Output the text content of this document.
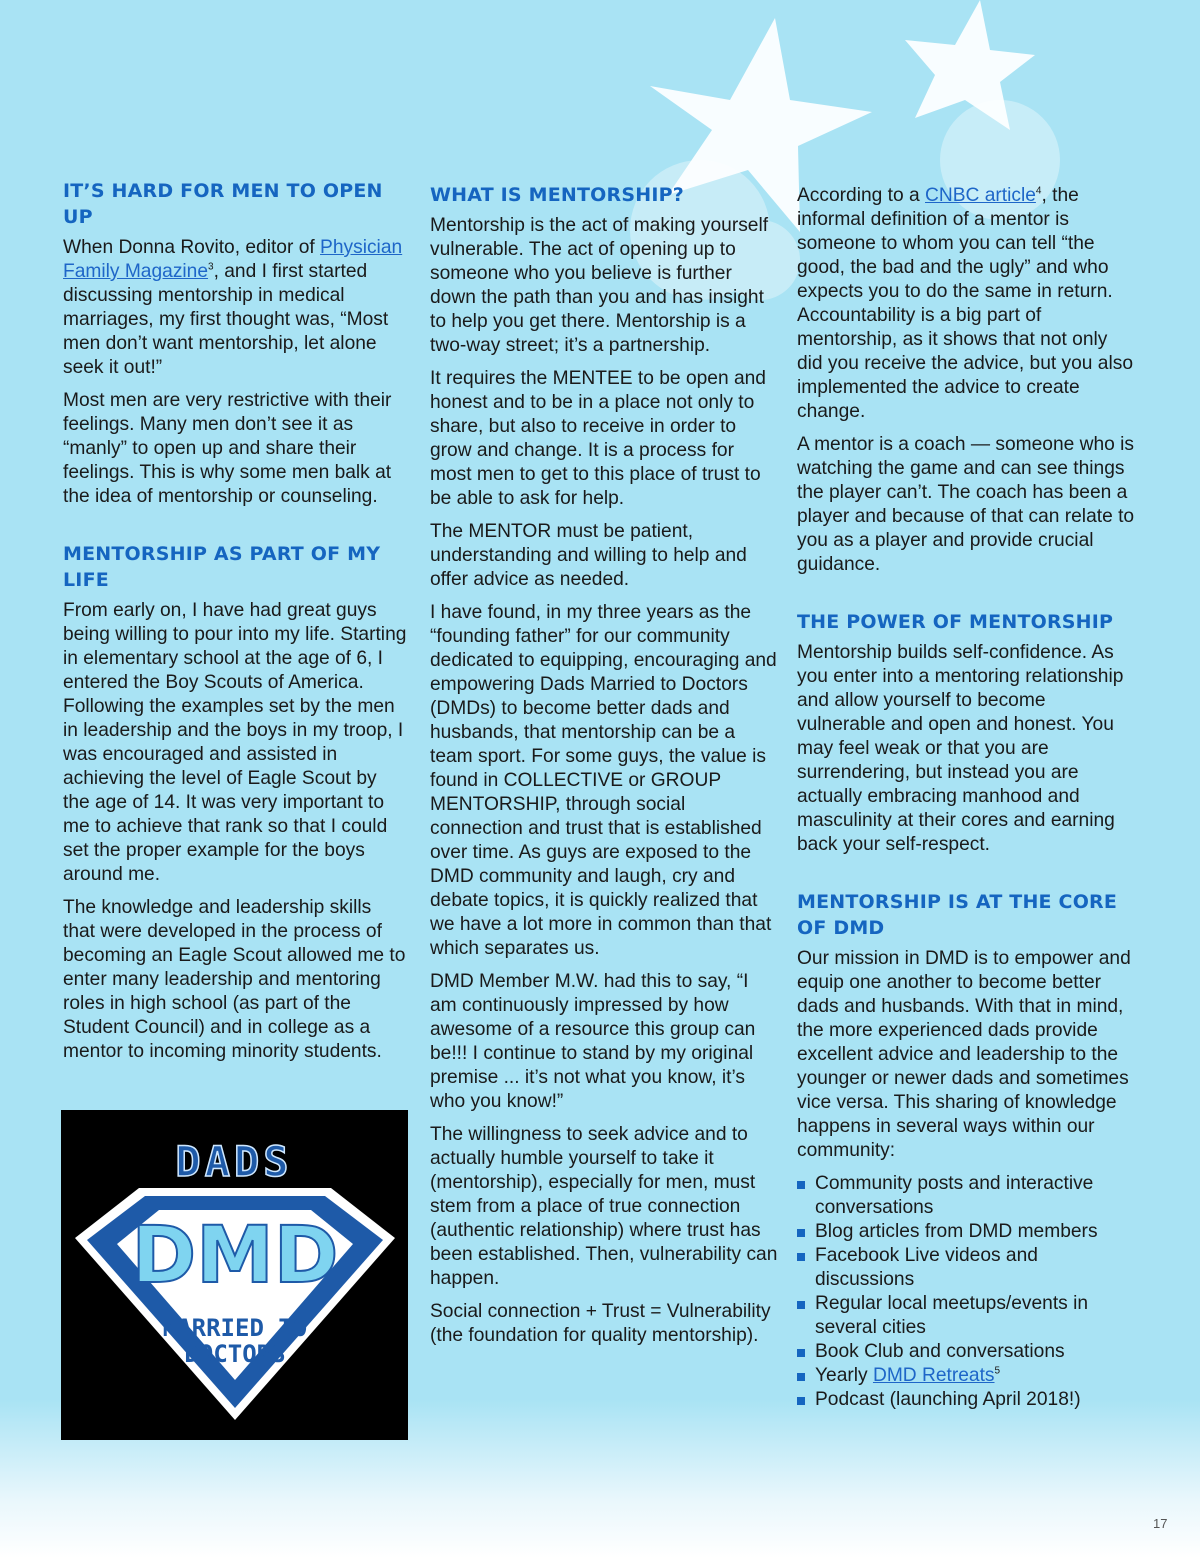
IT’S HARD FOR MEN TO OPEN UP

When Donna Rovito, editor of Physician Family Magazine$^3$, and I first started discussing mentorship in medical marriages, my first thought was, “Most men don’t want mentorship, let alone seek it out!”

Most men are very restrictive with their feelings. Many men don’t see it as “manly” to open up and share their feelings. This is why some men balk at the idea of mentorship or counseling.

MENTORSHIP AS PART OF MY LIFE

From early on, I have had great guys being willing to pour into my life. Starting in elementary school at the age of 6, I entered the Boy Scouts of America. Following the examples set by the men in leadership and the boys in my troop, I was encouraged and assisted in achieving the level of Eagle Scout by the age of 14. It was very important to me to achieve that rank so that I could set the proper example for the boys around me.

The knowledge and leadership skills that were developed in the process of becoming an Eagle Scout allowed me to enter many leadership and mentoring roles in high school (as part of the Student Council) and in college as a mentor to incoming minority students.

DADS
DMD
MARRIED TO
DOCTORS
WHAT IS MENTORSHIP?

Mentorship is the act of making yourself vulnerable. The act of opening up to someone who you believe is further down the path than you and has insight to help you get there. Mentorship is a two-way street; it’s a partnership.

It requires the MENTEE to be open and honest and to be in a place not only to share, but also to receive in order to grow and change. It is a process for most men to get to this place of trust to be able to ask for help.

The MENTOR must be patient, understanding and willing to help and offer advice as needed.

I have found, in my three years as the “founding father” for our community dedicated to equipping, encouraging and empowering Dads Married to Doctors (DMDs) to become better dads and husbands, that mentorship can be a team sport. For some guys, the value is found in COLLECTIVE or GROUP MENTORSHIP, through social connection and trust that is established over time. As guys are exposed to the DMD community and laugh, cry and debate topics, it is quickly realized that we have a lot more in common than that which separates us.

DMD Member M.W. had this to say, “I am continuously impressed by how awesome of a resource this group can be!!! I continue to stand by my original premise ... it’s not what you know, it’s who you know!”

The willingness to seek advice and to actually humble yourself to take it (mentorship), especially for men, must stem from a place of true connection (authentic relationship) where trust has been established. Then, vulnerability can happen.

Social connection + Trust = Vulnerability (the foundation for quality mentorship).

According to a CNBC article$^4$, the informal definition of a mentor is someone to whom you can tell “the good, the bad and the ugly” and who expects you to do the same in return. Accountability is a big part of mentorship, as it shows that not only did you receive the advice, but you also implemented the advice to create change.

A mentor is a coach — someone who is watching the game and can see things the player can’t. The coach has been a player and because of that can relate to you as a player and provide crucial guidance.

THE POWER OF MENTORSHIP

Mentorship builds self-confidence. As you enter into a mentoring relationship and allow yourself to become vulnerable and open and honest. You may feel weak or that you are surrendering, but instead you are actually embracing manhood and masculinity at their cores and earning back your self-respect.

MENTORSHIP IS AT THE CORE OF DMD

Our mission in DMD is to empower and equip one another to become better dads and husbands. With that in mind, the more experienced dads provide excellent advice and leadership to the younger or newer dads and sometimes vice versa. This sharing of knowledge happens in several ways within our community:

Community posts and interactive conversations
Blog articles from DMD members
Facebook Live videos and discussions
Regular local meetups/events in several cities
Book Club and conversations
Yearly DMD Retreats$^5$
Podcast (launching April 2018!)
17
